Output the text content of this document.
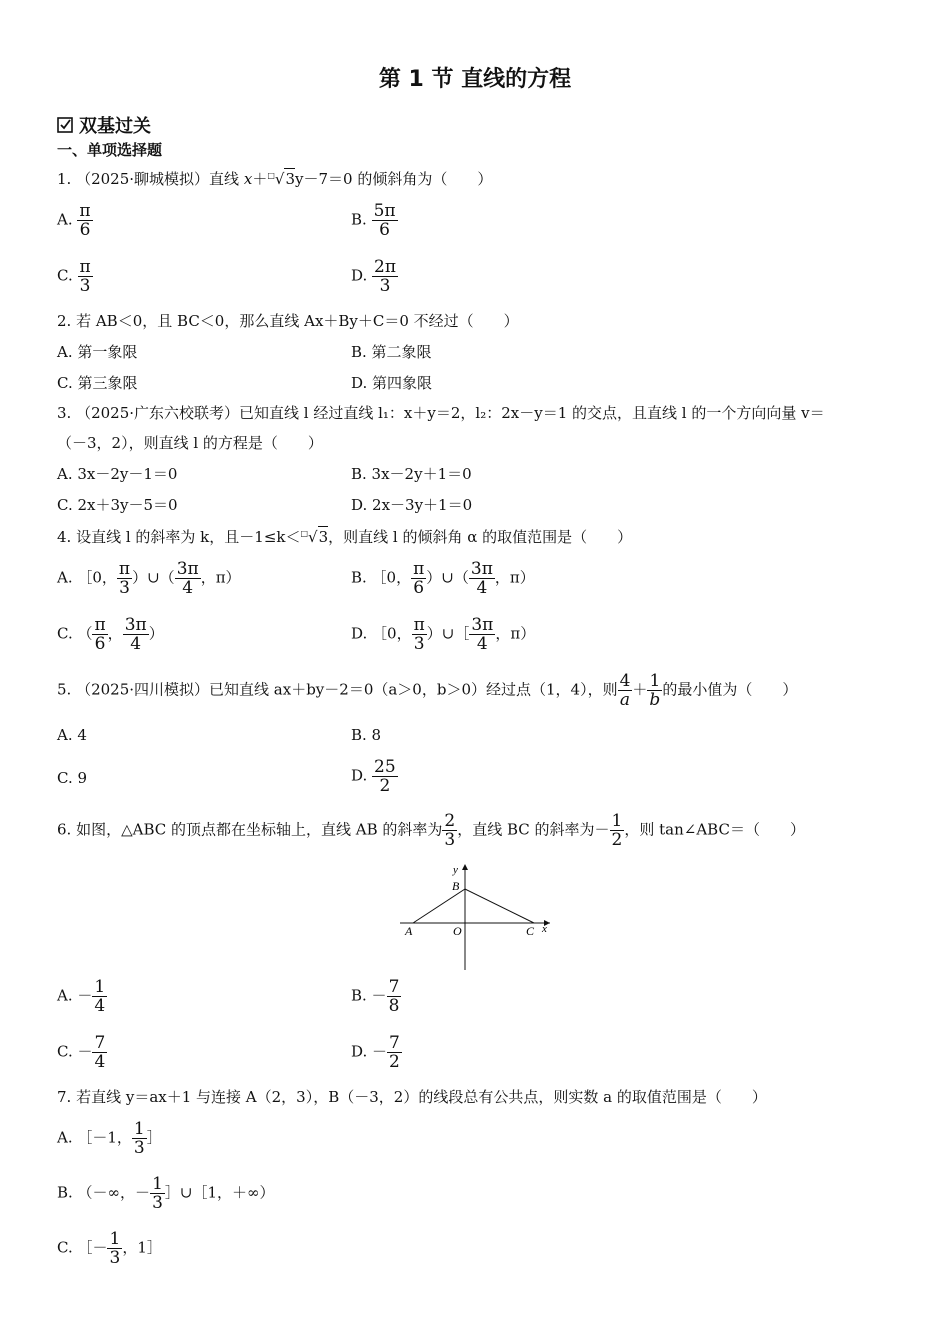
第 1 节 直线的方程
双基过关
一、单项选择题
1. （2025·聊城模拟）直线 x＋□√3y－7＝0 的倾斜角为（　　）
A. $\frac{\pi}{6}$	B. $\frac{5\pi}{6}$
C. $\frac{\pi}{3}$	D. $\frac{2\pi}{3}$
2. 若 AB＜0，且 BC＜0，那么直线 Ax＋By＋C＝0 不经过（　　）
A. 第一象限	B. 第二象限
C. 第三象限	D. 第四象限
3. （2025·广东六校联考）已知直线 l 经过直线 l₁：x＋y＝2，l₂：2x－y＝1 的交点，且直线 l 的一个方向向量 v＝
（－3，2），则直线 l 的方程是（　　）
A. 3x－2y－1＝0	B. 3x－2y＋1＝0
C. 2x＋3y－5＝0	D. 2x－3y＋1＝0
4. 设直线 l 的斜率为 k，且－1≤k＜□√3，则直线 l 的倾斜角 α 的取值范围是（　　）
A. ［0， $\frac{\pi}{3}$ ）∪（ $\frac{3\pi}{4}$ ，π）	B. ［0， $\frac{\pi}{6}$ ）∪（ $\frac{3\pi}{4}$ ，π）
C. （ $\frac{\pi}{6}$ ， $\frac{3\pi}{4}$ ）	D. ［0， $\frac{\pi}{3}$ ）∪［ $\frac{3\pi}{4}$ ，π）
5. （2025·四川模拟）已知直线 ax＋by－2＝0（a＞0，b＞0）经过点（1，4），则 $\frac{4}{a} + \frac{1}{b}$ 的最小值为（　　）
A. 4	B. 8
C. 9	D. $\frac{25}{2}$
6. 如图，△ABC 的顶点都在坐标轴上，直线 AB 的斜率为 $\frac{2}{3}$ ，直线 BC 的斜率为－ $\frac{1}{2}$ ，则 tan∠ABC＝（　　）
y
B
A	O	C x
A. － $\frac{1}{4}$	B. － $\frac{7}{8}$
C. － $\frac{7}{4}$	D. － $\frac{7}{2}$
7. 若直线 y＝ax＋1 与连接 A（2，3），B（－3，2）的线段总有公共点，则实数 a 的取值范围是（　　）
A. ［－1， $\frac{1}{3}$ ］
B. （－∞，－ $\frac{1}{3}$ ］∪［1，＋∞）
C. ［－ $\frac{1}{3}$ ，1］
